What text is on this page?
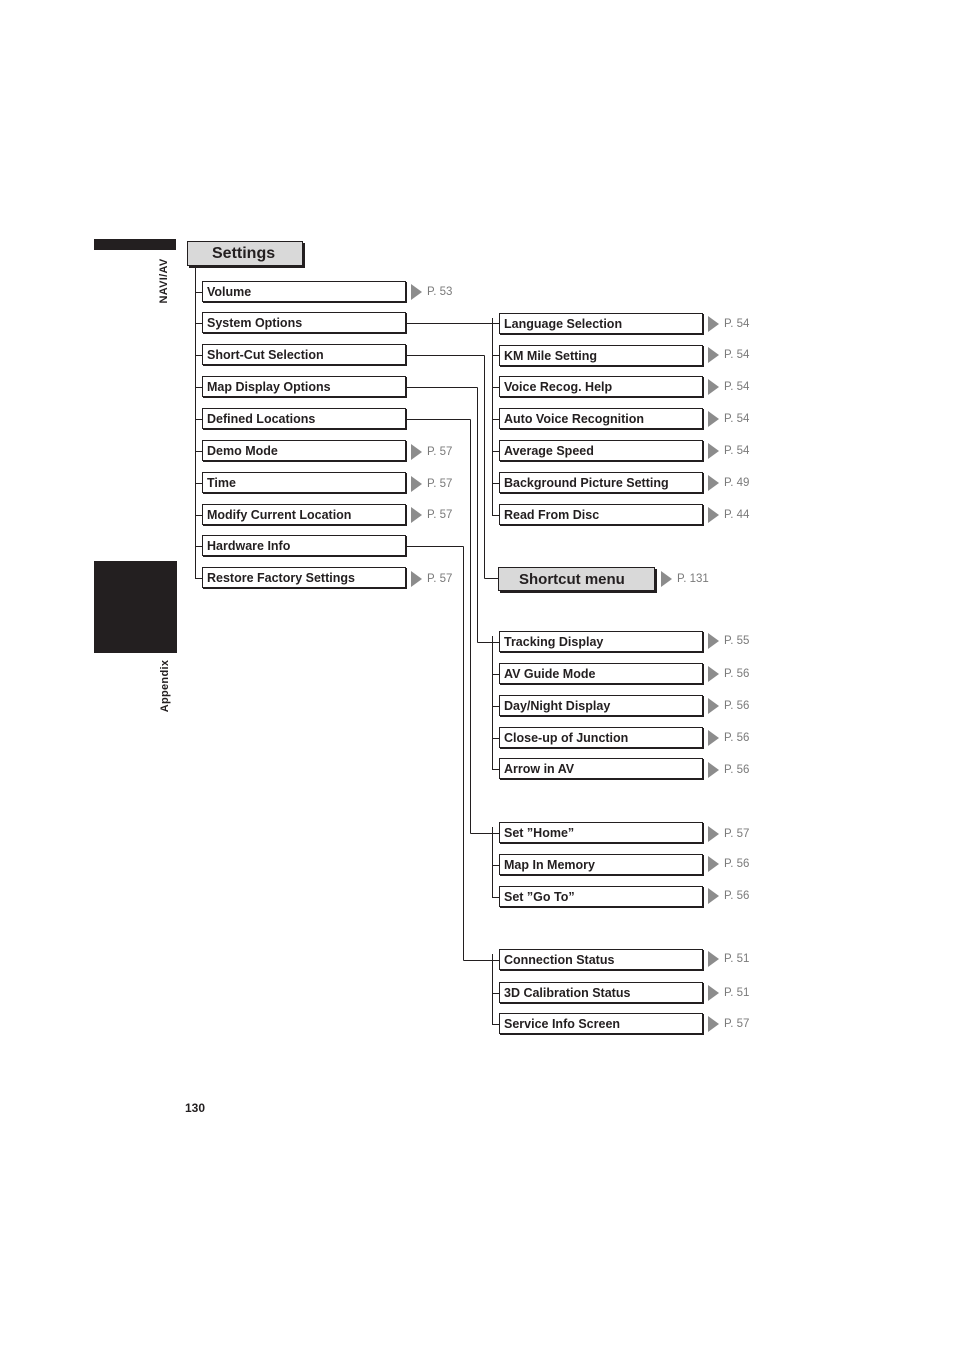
NAVI/AV
Appendix
Settings
Volume	P. 53
System Options
Short-Cut Selection
Map Display Options
Defined Locations
Demo Mode	P. 57
Time	P. 57
Modify Current Location	P. 57
Hardware Info
Restore Factory Settings	P. 57
Language Selection	P. 54
KM Mile Setting	P. 54
Voice Recog. Help	P. 54
Auto Voice Recognition	P. 54
Average Speed	P. 54
Background Picture Setting	P. 49
Read From Disc	P. 44
Shortcut menu	P. 131
Tracking Display	P. 55
AV Guide Mode	P. 56
Day/Night Display	P. 56
Close-up of Junction	P. 56
Arrow in AV	P. 56
Set ”Home”	P. 57
Map In Memory	P. 56
Set ”Go To”	P. 56
Connection Status	P. 51
3D Calibration Status	P. 51
Service Info Screen	P. 57
130
